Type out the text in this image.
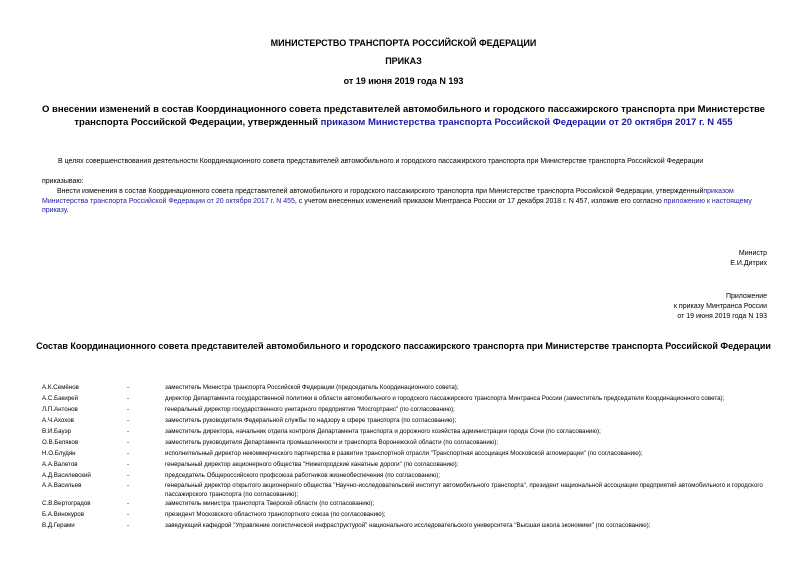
МИНИСТЕРСТВО ТРАНСПОРТА РОССИЙСКОЙ ФЕДЕРАЦИИ
ПРИКАЗ
от 19 июня 2019 года N 193
О внесении изменений в состав Координационного совета представителей автомобильного и городского пассажирского транспорта при Министерстве транспорта Российской Федерации, утвержденный приказом Министерства транспорта Российской Федерации от 20 октября 2017 г. N 455
В целях совершенствования деятельности Координационного совета представителей автомобильного и городского пассажирского транспорта при Министерстве транспорта Российской Федерации
приказываю:
Внести изменения в состав Координационного совета представителей автомобильного и городского пассажирского транспорта при Министерстве транспорта Российской Федерации, утвержденныйприказом Министерства транспорта Российской Федерации от 20 октября 2017 г. N 455, с учетом внесенных изменений приказом Минтранса России от 17 декабря 2018 г. N 457, изложив его согласно приложению к настоящему приказу.
Министр
Е.И.Дитрих
Приложение
к приказу Минтранса России
от 19 июня 2019 года N 193
Состав Координационного совета представителей автомобильного и городского пассажирского транспорта при Министерстве транспорта Российской Федерации
А.К.Семёнов	-	заместитель Министра транспорта Российской Федерации (председатель Координационного совета);
А.С.Бакирей	-	директор Департамента государственной политики в области автомобильного и городского пассажирского транспорта Минтранса России (заместитель председателя Координационного совета);
Л.П.Антонов	-	генеральный директор государственного унитарного предприятия "Мосгортранс" (по согласованию);
А.Ч.Ахохов	-	заместитель руководителя Федеральной службы по надзору в сфере транспорта (по согласованию);
В.И.Бауэр	-	заместитель директора, начальник отдела контроля Департамента транспорта и дорожного хозяйства администрации города Сочи (по согласованию);
О.В.Беляков	-	заместитель руководителя Департамента промышленности и транспорта Воронежской области (по согласованию);
Н.О.Блудян	-	исполнительный директор некоммерческого партнерства в развитии транспортной отрасли "Транспортная ассоциация Московской агломерации" (по согласованию);
А.А.Валетов	-	генеральный директор акционерного общества "Нижегородские канатные дороги" (по согласованию);
А.Д.Василевский	-	председатель Общероссийского профсоюза работников жизнеобеспечения (по согласованию);
А.А.Васильев	-	генеральный директор открытого акционерного общества "Научно-исследовательский институт автомобильного транспорта", президент национальной ассоциации предприятий автомобильного и городского пассажирского транспорта (по согласованию);
С.В.Вертоградов	-	заместитель министра транспорта Тверской области (по согласованию);
Б.А.Винокуров	-	президент Московского областного транспортного союза (по согласованию);
В.Д.Герами	-	заведующий кафедрой "Управление логистической инфраструктурой" национального исследовательского университета "Высшая школа экономики" (по согласованию);
